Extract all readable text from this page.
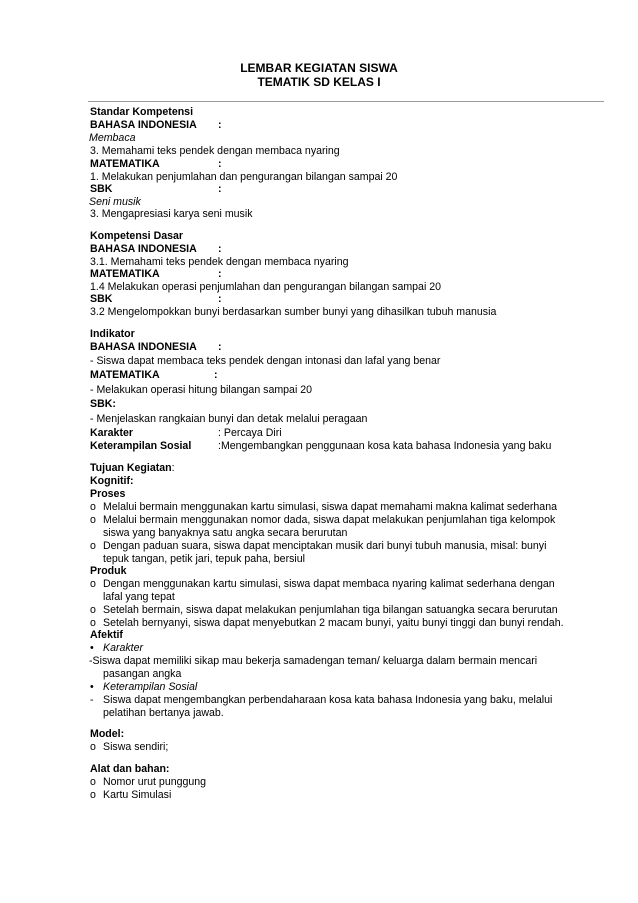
LEMBAR KEGIATAN SISWA
TEMATIK SD KELAS I
Standar Kompetensi
BAHASA INDONESIA :
Membaca
3. Memahami teks pendek dengan membaca nyaring
MATEMATIKA	:
1. Melakukan penjumlahan dan pengurangan bilangan sampai 20
SBK	:
Seni musik
3. Mengapresiasi karya seni musik
Kompetensi Dasar
BAHASA INDONESIA :
3.1. Memahami teks pendek dengan membaca nyaring
MATEMATIKA	:
1.4 Melakukan operasi penjumlahan dan pengurangan bilangan sampai 20
SBK	:
3.2 Mengelompokkan bunyi berdasarkan sumber bunyi yang dihasilkan tubuh manusia
Indikator
BAHASA INDONESIA :
- Siswa dapat membaca teks pendek dengan intonasi dan lafal yang benar
MATEMATIKA	:
- Melakukan operasi hitung bilangan sampai 20
SBK:
- Menjelaskan rangkaian bunyi dan detak melalui peragaan
Karakter	: Percaya Diri
Keterampilan Sosial	:Mengembangkan penggunaan kosa kata bahasa Indonesia yang baku
Tujuan Kegiatan:
Kognitif:
Proses
o Melalui bermain menggunakan kartu simulasi, siswa dapat memahami makna kalimat sederhana
o Melalui bermain menggunakan nomor dada, siswa dapat melakukan penjumlahan tiga kelompok
siswa yang banyaknya satu angka secara berurutan
o Dengan paduan suara, siswa dapat menciptakan musik dari bunyi tubuh manusia, misal: bunyi
tepuk tangan, petik jari, tepuk paha, bersiul
Produk
o Dengan menggunakan kartu simulasi, siswa dapat membaca nyaring kalimat sederhana dengan
lafal yang tepat
o Setelah bermain, siswa dapat melakukan penjumlahan tiga bilangan satuangka secara berurutan
o Setelah bernyanyi, siswa dapat menyebutkan 2 macam bunyi, yaitu bunyi tinggi dan bunyi rendah.
Afektif
• Karakter
-Siswa dapat memiliki sikap mau bekerja samadengan teman/ keluarga dalam bermain mencari
pasangan angka
• Keterampilan Sosial
- Siswa dapat mengembangkan perbendaharaan kosa kata bahasa Indonesia yang baku, melalui
pelatihan bertanya jawab.
Model:
o Siswa sendiri;
Alat dan bahan:
o Nomor urut punggung
o Kartu Simulasi
